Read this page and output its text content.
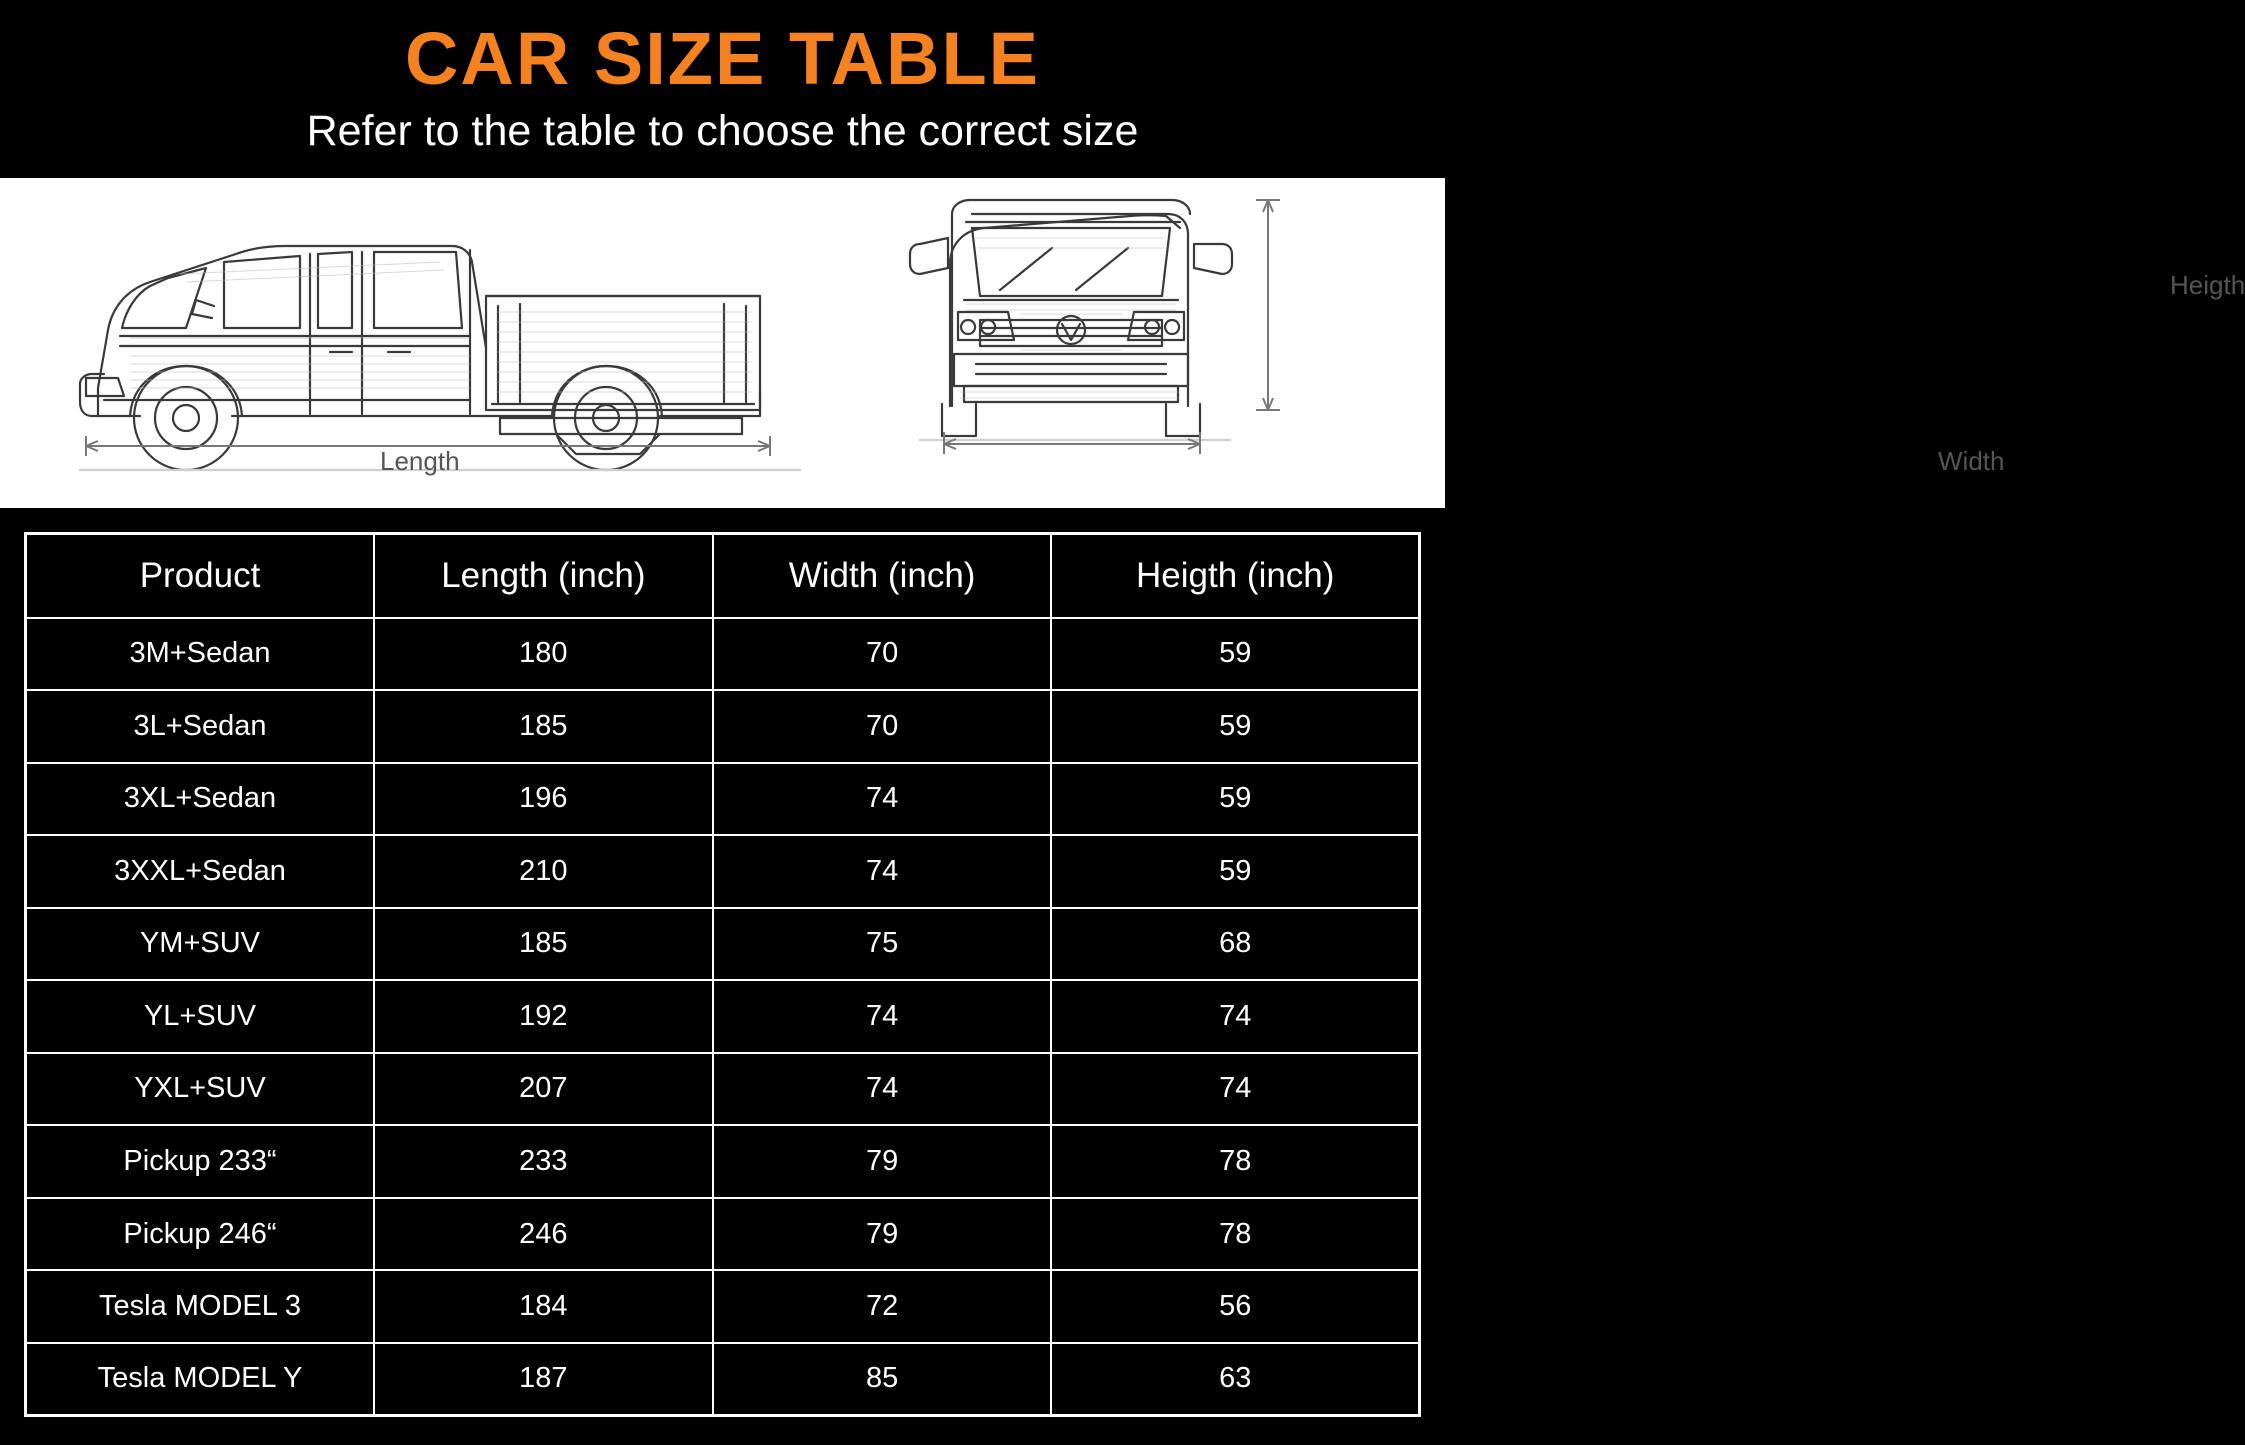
CAR SIZE TABLE
Refer to the table to choose the correct size
Length	Width
Heigth
Product	Length (inch)	Width (inch)	Heigth (inch)
3M+Sedan	180	70	59
3L+Sedan	185	70	59
3XL+Sedan	196	74	59
3XXL+Sedan	210	74	59
YM+SUV	185	75	68
YL+SUV	192	74	74
YXL+SUV	207	74	74
Pickup 233“	233	79	78
Pickup 246“	246	79	78
Tesla MODEL 3	184	72	56
Tesla MODEL Y	187	85	63
